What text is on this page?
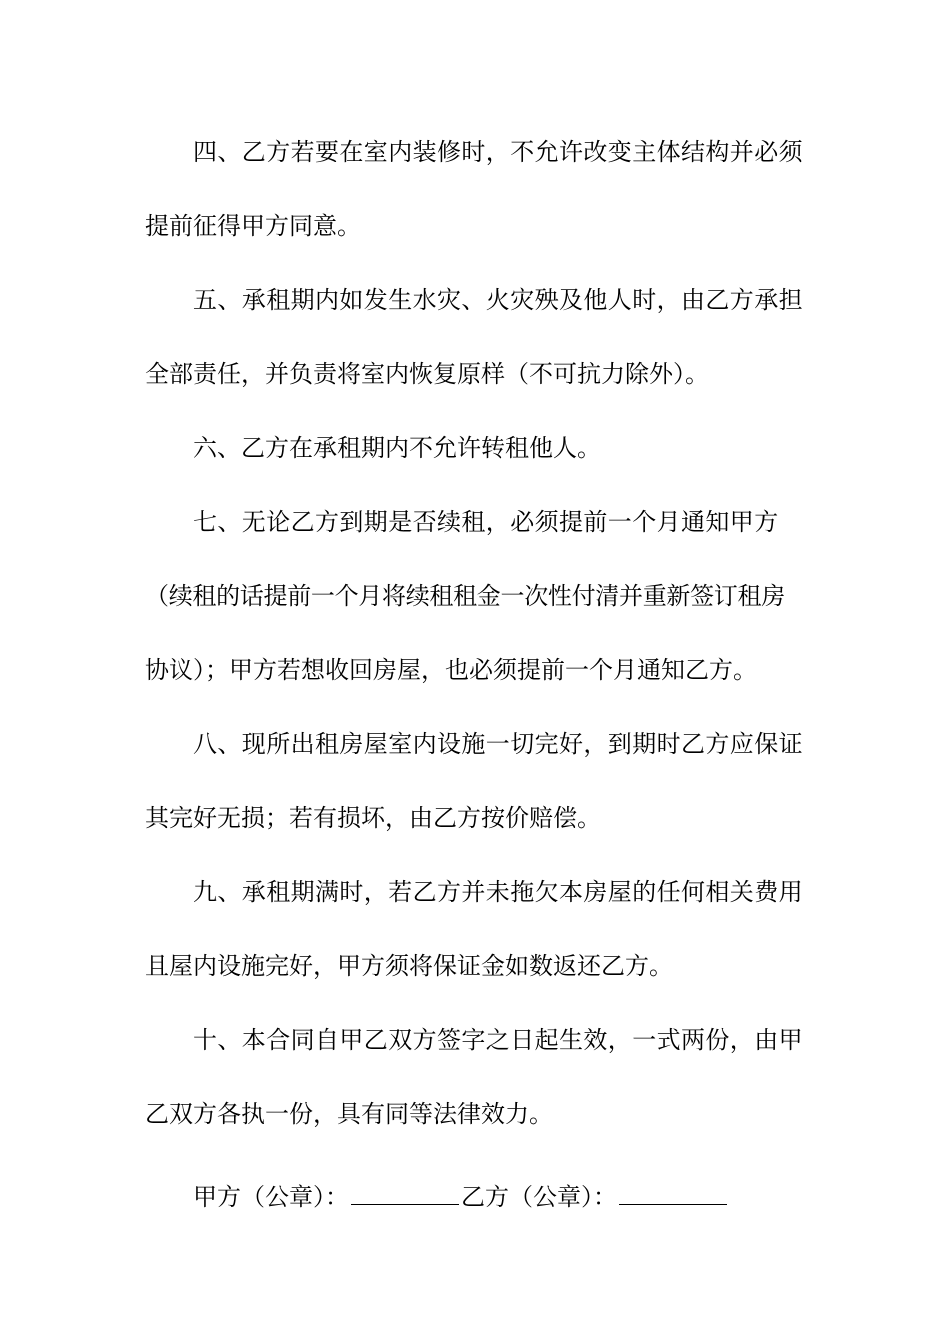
四、乙方若要在室内装修时，不允许改变主体结构并必须
提前征得甲方同意。
五、承租期内如发生水灾、火灾殃及他人时，由乙方承担
全部责任，并负责将室内恢复原样（不可抗力除外）。
六、乙方在承租期内不允许转租他人。
七、无论乙方到期是否续租，必须提前一个月通知甲方
（续租的话提前一个月将续租租金一次性付清并重新签订租房
协议）；甲方若想收回房屋，也必须提前一个月通知乙方。
八、现所出租房屋室内设施一切完好，到期时乙方应保证
其完好无损；若有损坏，由乙方按价赔偿。
九、承租期满时，若乙方并未拖欠本房屋的任何相关费用
且屋内设施完好，甲方须将保证金如数返还乙方。
十、本合同自甲乙双方签字之日起生效，一式两份，由甲
乙双方各执一份，具有同等法律效力。
甲方（公章）：	乙方（公章）：
